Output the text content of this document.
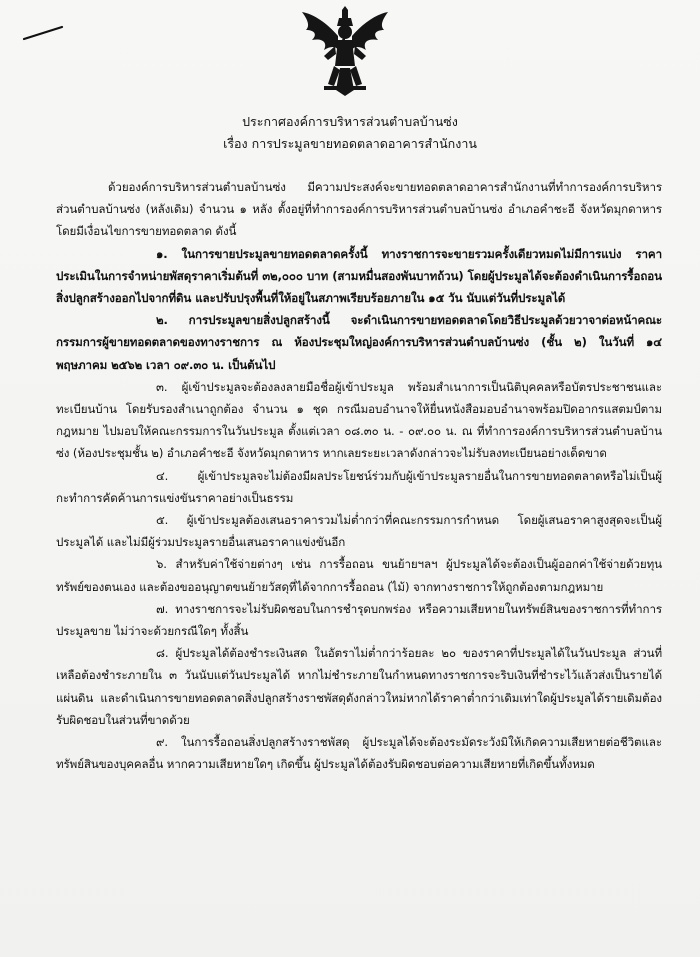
ประกาศองค์การบริหารส่วนตำบลบ้านซ่ง
เรื่อง การประมูลขายทอดตลาดอาคารสำนักงาน

ด้วยองค์การบริหารส่วนตำบลบ้านซ่ง มีความประสงค์จะขายทอดตลาดอาคารสำนักงานที่ทำการองค์การบริหารส่วนตำบลบ้านซ่ง (หลังเดิม) จำนวน ๑ หลัง ตั้งอยู่ที่ทำการองค์การบริหารส่วนตำบลบ้านซ่ง อำเภอคำชะอี จังหวัดมุกดาหาร โดยมีเงื่อนไขการขายทอดตลาด ดังนี้

๑. ในการขายประมูลขายทอดตลาดครั้งนี้ ทางราชการจะขายรวมครั้งเดียวหมดไม่มีการแบ่ง ราคาประเมินในการจำหน่ายพัสดุราคาเริ่มต้นที่ ๓๒,๐๐๐ บาท (สามหมื่นสองพันบาทถ้วน) โดยผู้ประมูลได้จะต้องดำเนินการรื้อถอนสิ่งปลูกสร้างออกไปจากที่ดิน และปรับปรุงพื้นที่ให้อยู่ในสภาพเรียบร้อยภายใน ๑๕ วัน นับแต่วันที่ประมูลได้

๒. การประมูลขายสิ่งปลูกสร้างนี้ จะดำเนินการขายทอดตลาดโดยวิธีประมูลด้วยวาจาต่อหน้าคณะกรรมการผู้ขายทอดตลาดของทางราชการ ณ ห้องประชุมใหญ่องค์การบริหารส่วนตำบลบ้านซ่ง (ชั้น ๒) ในวันที่ ๑๔ พฤษภาคม ๒๕๖๒ เวลา ๐๙.๓๐ น. เป็นต้นไป

๓. ผู้เข้าประมูลจะต้องลงลายมือชื่อผู้เข้าประมูล พร้อมสำเนาการเป็นนิติบุคคลหรือบัตรประชาชนและทะเบียนบ้าน โดยรับรองสำเนาถูกต้อง จำนวน ๑ ชุด กรณีมอบอำนาจให้ยื่นหนังสือมอบอำนาจพร้อมปิดอากรแสตมป์ตามกฎหมาย ไปมอบให้คณะกรรมการในวันประมูล ตั้งแต่เวลา ๐๘.๓๐ น. - ๐๙.๐๐ น. ณ ที่ทำการองค์การบริหารส่วนตำบลบ้านซ่ง (ห้องประชุมชั้น ๒) อำเภอคำชะอี จังหวัดมุกดาหาร หากเลยระยะเวลาดังกล่าวจะไม่รับลงทะเบียนอย่างเด็ดขาด

๔. ผู้เข้าประมูลจะไม่ต้องมีผลประโยชน์ร่วมกับผู้เข้าประมูลรายอื่นในการขายทอดตลาดหรือไม่เป็นผู้กะทำการคัดค้านการแข่งขันราคาอย่างเป็นธรรม

๕. ผู้เข้าประมูลต้องเสนอราคารวมไม่ต่ำกว่าที่คณะกรรมการกำหนด โดยผู้เสนอราคาสูงสุดจะเป็นผู้ประมูลได้ และไม่มีผู้ร่วมประมูลรายอื่นเสนอราคาแข่งขันอีก

๖. สำหรับค่าใช้จ่ายต่างๆ เช่น การรื้อถอน ขนย้ายฯลฯ ผู้ประมูลได้จะต้องเป็นผู้ออกค่าใช้จ่ายด้วยทุนทรัพย์ของตนเอง และต้องขออนุญาตขนย้ายวัสดุที่ได้จากการรื้อถอน (ไม้) จากทางราชการให้ถูกต้องตามกฎหมาย

๗. ทางราชการจะไม่รับผิดชอบในการชำรุดบกพร่อง หรือความเสียหายในทรัพย์สินของราชการที่ทำการประมูลขาย ไม่ว่าจะด้วยกรณีใดๆ ทั้งสิ้น

๘. ผู้ประมูลได้ต้องชำระเงินสด ในอัตราไม่ต่ำกว่าร้อยละ ๒๐ ของราคาที่ประมูลได้ในวันประมูล ส่วนที่เหลือต้องชำระภายใน ๓ วันนับแต่วันประมูลได้ หากไม่ชำระภายในกำหนดทางราชการจะริบเงินที่ชำระไว้แล้วส่งเป็นรายได้แผ่นดิน และดำเนินการขายทอดตลาดสิ่งปลูกสร้างราชพัสดุดังกล่าวใหม่หากได้ราคาต่ำกว่าเดิมเท่าใดผู้ประมูลได้รายเดิมต้องรับผิดชอบในส่วนที่ขาดด้วย

๙. ในการรื้อถอนสิ่งปลูกสร้างราชพัสดุ ผู้ประมูลได้จะต้องระมัดระวังมิให้เกิดความเสียหายต่อชีวิตและทรัพย์สินของบุคคลอื่น หากความเสียหายใดๆ เกิดขึ้น ผู้ประมูลได้ต้องรับผิดชอบต่อความเสียหายที่เกิดขึ้นทั้งหมด
